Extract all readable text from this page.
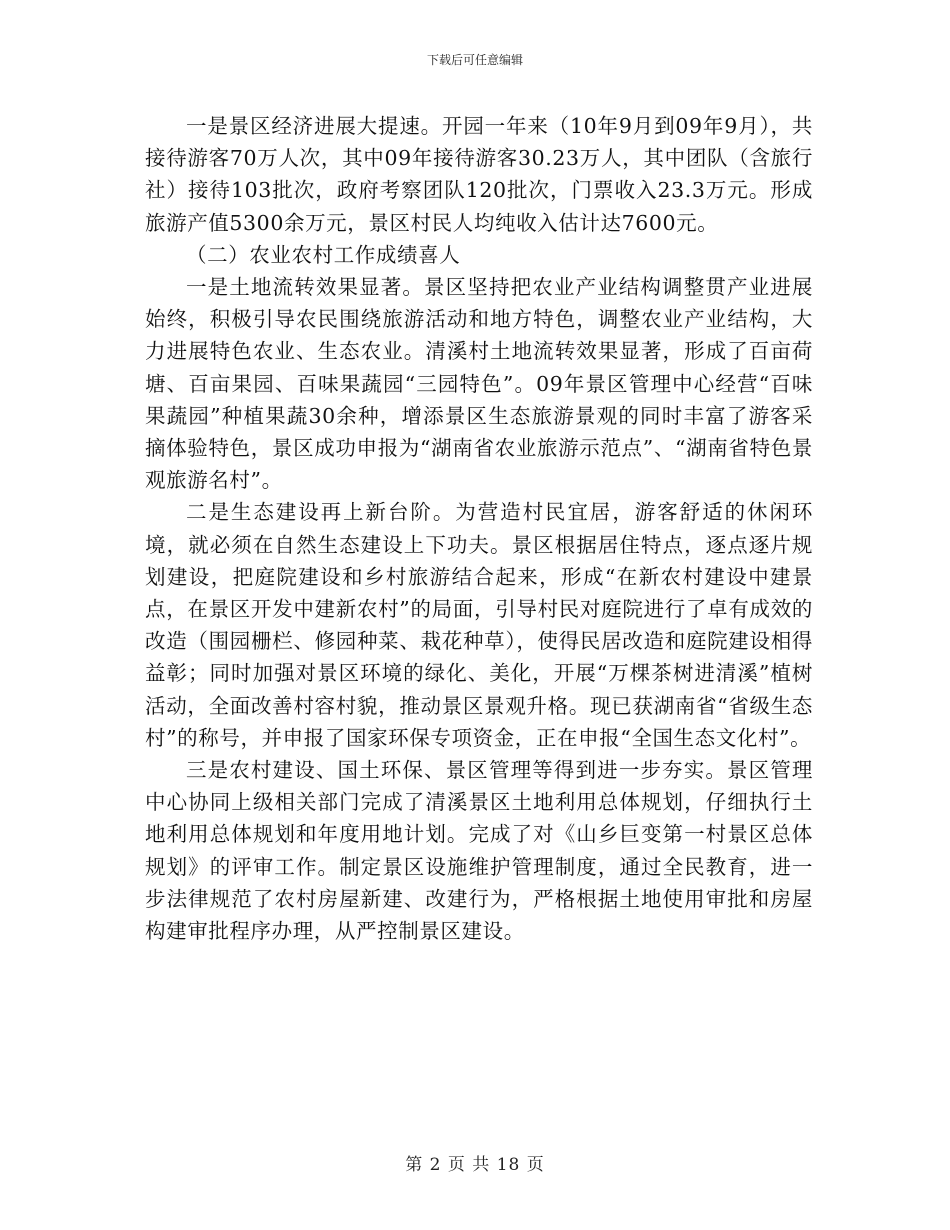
下载后可任意编辑

一是景区经济进展大提速。开园一年来（10年9月到09年9月），共接待游客70万人次，其中09年接待游客30.23万人，其中团队（含旅行社）接待103批次，政府考察团队120批次，门票收入23.3万元。形成旅游产值5300余万元，景区村民人均纯收入估计达7600元。

（二）农业农村工作成绩喜人

一是土地流转效果显著。景区坚持把农业产业结构调整贯产业进展始终，积极引导农民围绕旅游活动和地方特色，调整农业产业结构，大力进展特色农业、生态农业。清溪村土地流转效果显著，形成了百亩荷塘、百亩果园、百味果蔬园“三园特色”。09年景区管理中心经营“百味果蔬园”种植果蔬30余种，增添景区生态旅游景观的同时丰富了游客采摘体验特色，景区成功申报为“湖南省农业旅游示范点”、“湖南省特色景观旅游名村”。

二是生态建设再上新台阶。为营造村民宜居，游客舒适的休闲环境，就必须在自然生态建设上下功夫。景区根据居住特点，逐点逐片规划建设，把庭院建设和乡村旅游结合起来，形成“在新农村建设中建景点，在景区开发中建新农村”的局面，引导村民对庭院进行了卓有成效的改造（围园栅栏、修园种菜、栽花种草），使得民居改造和庭院建设相得益彰；同时加强对景区环境的绿化、美化，开展“万棵茶树进清溪”植树活动，全面改善村容村貌，推动景区景观升格。现已获湖南省“省级生态村”的称号，并申报了国家环保专项资金，正在申报“全国生态文化村”。

三是农村建设、国土环保、景区管理等得到进一步夯实。景区管理中心协同上级相关部门完成了清溪景区土地利用总体规划，仔细执行土地利用总体规划和年度用地计划。完成了对《山乡巨变第一村景区总体规划》的评审工作。制定景区设施维护管理制度，通过全民教育，进一步法律规范了农村房屋新建、改建行为，严格根据土地使用审批和房屋构建审批程序办理，从严控制景区建设。

第 2 页 共 18 页
